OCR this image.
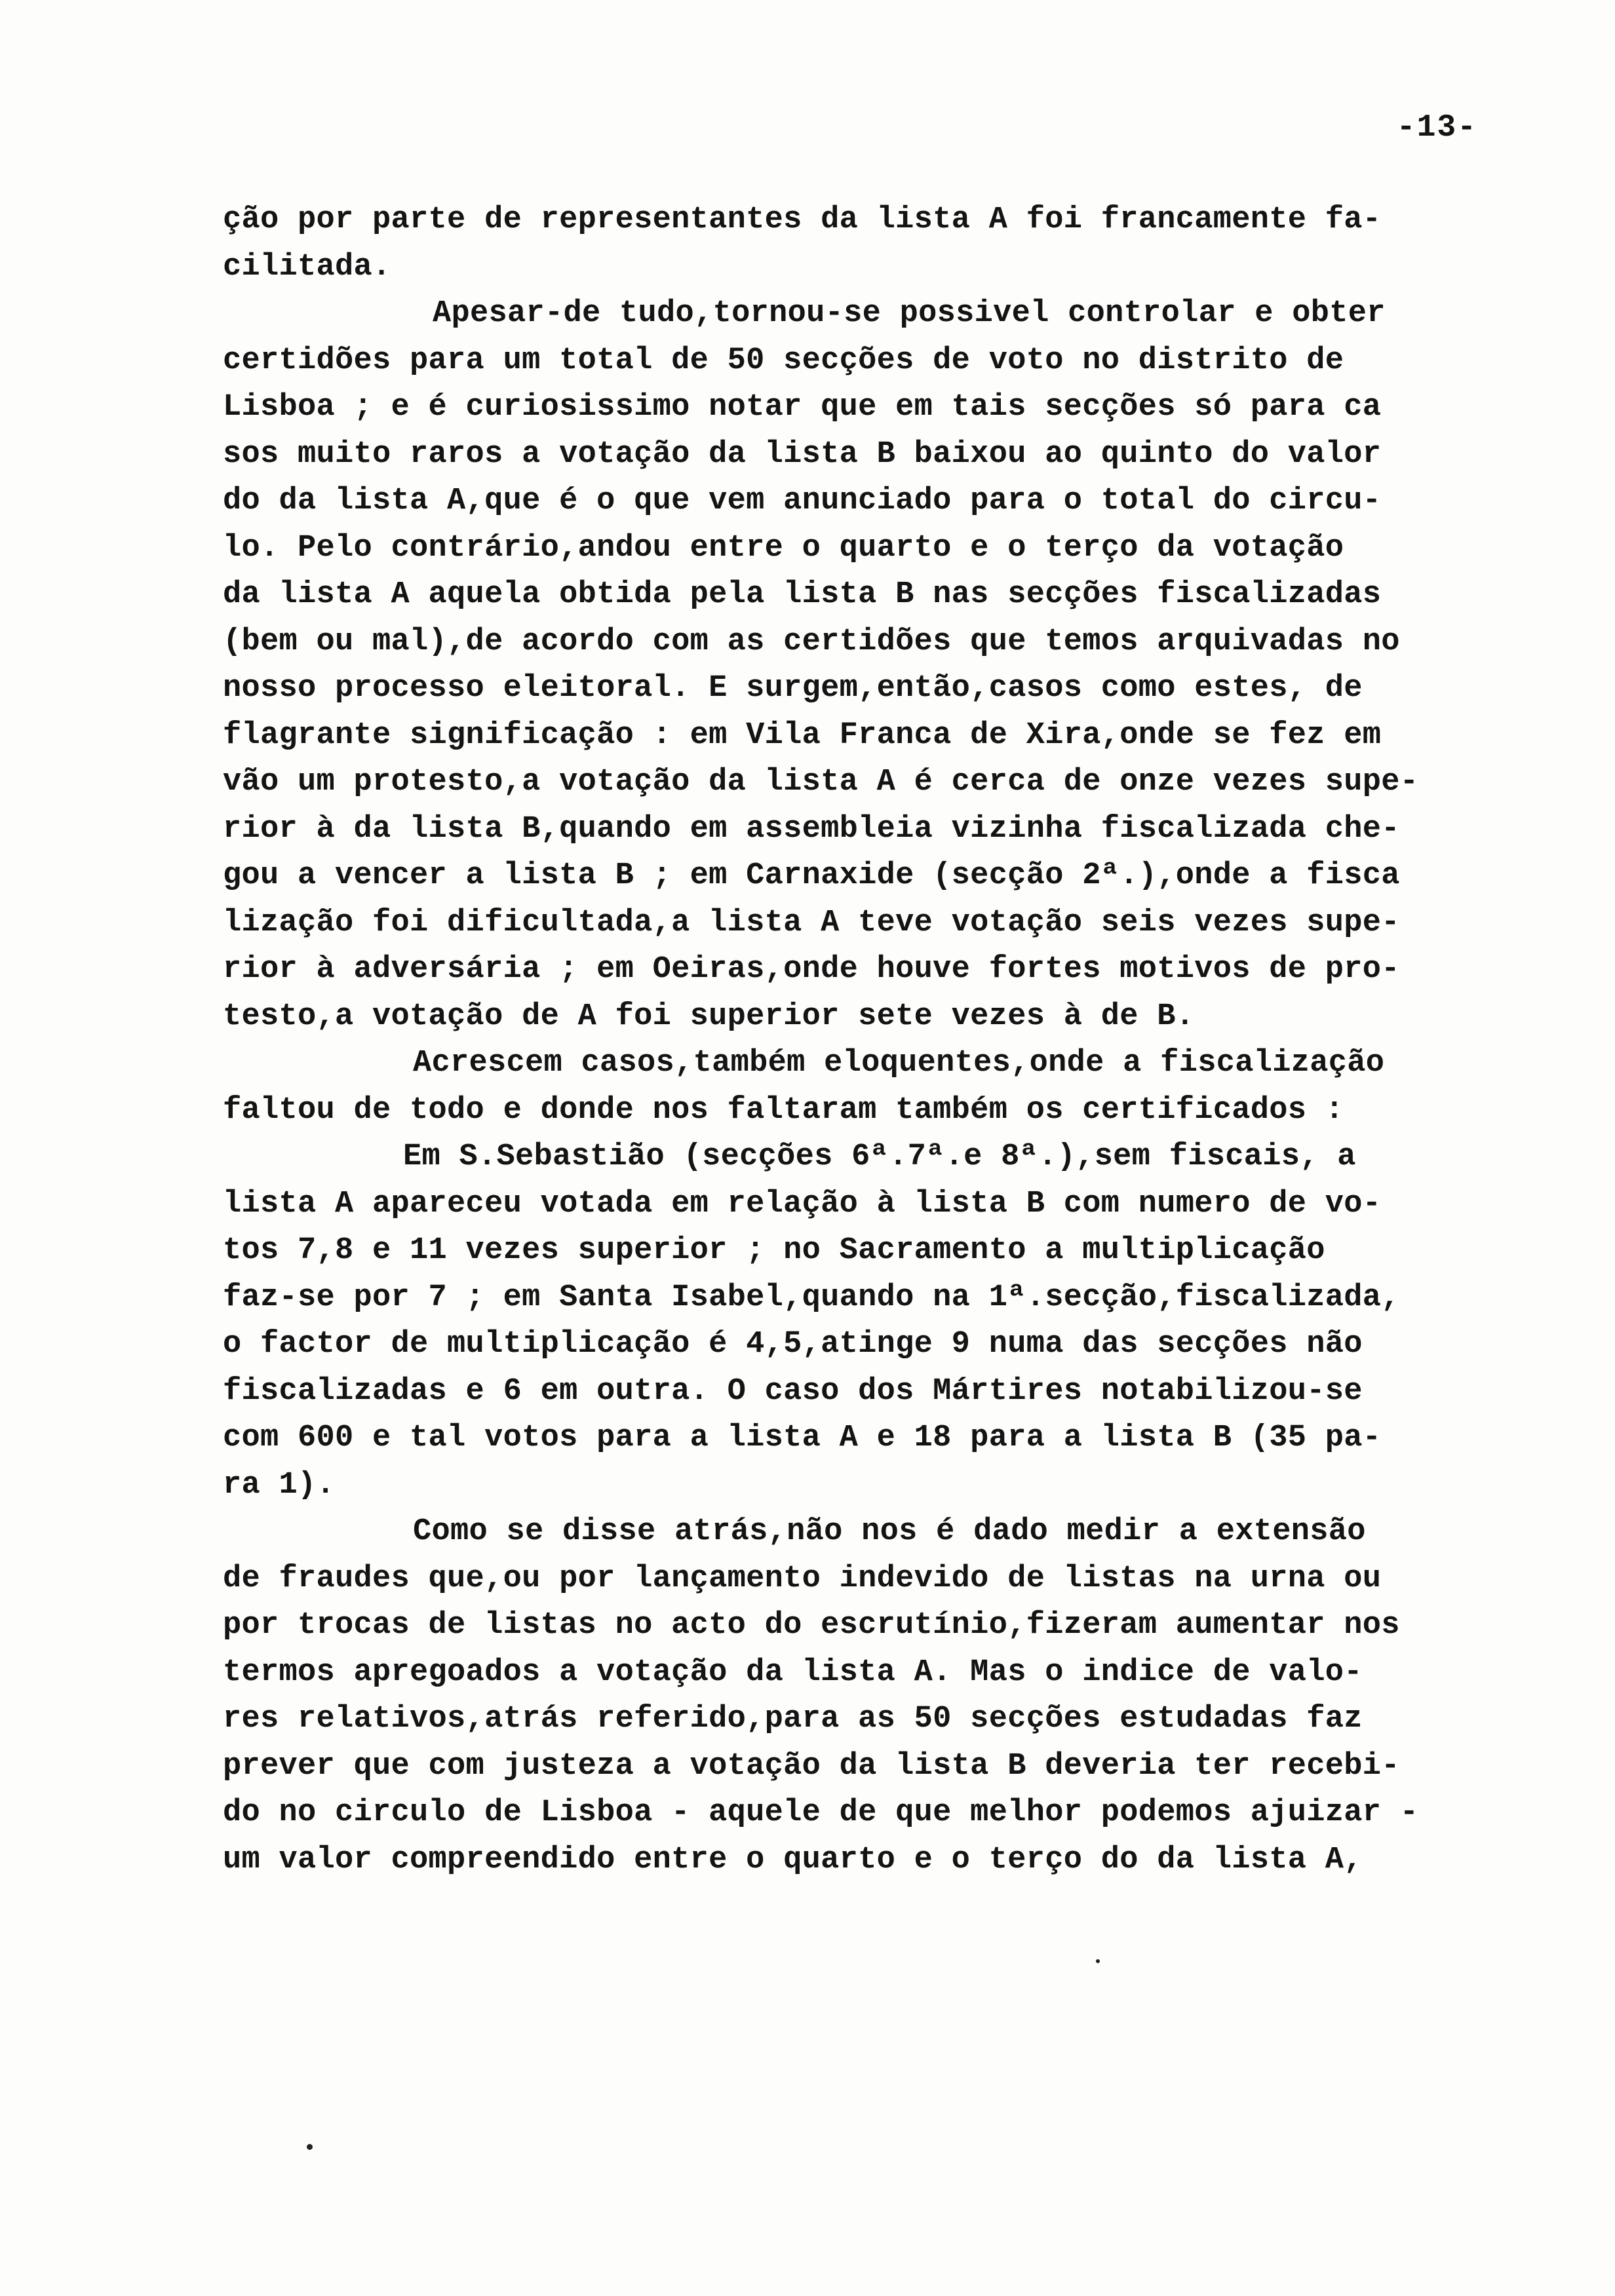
-13-
ção por parte de representantes da lista A foi francamente fa-
cilitada.
Apesar-de tudo,tornou-se possivel controlar e obter
certidões para um total de 50 secções de voto no distrito de
Lisboa ; e é curiosissimo notar que em tais secções só para ca
sos muito raros a votação da lista B baixou ao quinto do valor
do da lista A,que é o que vem anunciado para o total do circu-
lo. Pelo contrário,andou entre o quarto e o terço da votação
da lista A aquela obtida pela lista B nas secções fiscalizadas
(bem ou mal),de acordo com as certidões que temos arquivadas no
nosso processo eleitoral. E surgem,então,casos como estes, de
flagrante significação : em Vila Franca de Xira,onde se fez em
vão um protesto,a votação da lista A é cerca de onze vezes supe-
rior à da lista B,quando em assembleia vizinha fiscalizada che-
gou a vencer a lista B ; em Carnaxide (secção 2ª.),onde a fisca
lização foi dificultada,a lista A teve votação seis vezes supe-
rior à adversária ; em Oeiras,onde houve fortes motivos de pro-
testo,a votação de A foi superior sete vezes à de B.
Acrescem casos,também eloquentes,onde a fiscalização
faltou de todo e donde nos faltaram também os certificados :
Em S.Sebastião (secções 6ª.7ª.e 8ª.),sem fiscais, a
lista A apareceu votada em relação à lista B com numero de vo-
tos 7,8 e 11 vezes superior ; no Sacramento a multiplicação
faz-se por 7 ; em Santa Isabel,quando na 1ª.secção,fiscalizada,
o factor de multiplicação é 4,5,atinge 9 numa das secções não
fiscalizadas e 6 em outra. O caso dos Mártires notabilizou-se
com 600 e tal votos para a lista A e 18 para a lista B (35 pa-
ra 1).
Como se disse atrás,não nos é dado medir a extensão
de fraudes que,ou por lançamento indevido de listas na urna ou
por trocas de listas no acto do escrutínio,fizeram aumentar nos
termos apregoados a votação da lista A. Mas o indice de valo-
res relativos,atrás referido,para as 50 secções estudadas faz
prever que com justeza a votação da lista B deveria ter recebi-
do no circulo de Lisboa - aquele de que melhor podemos ajuizar -
um valor compreendido entre o quarto e o terço do da lista A,
